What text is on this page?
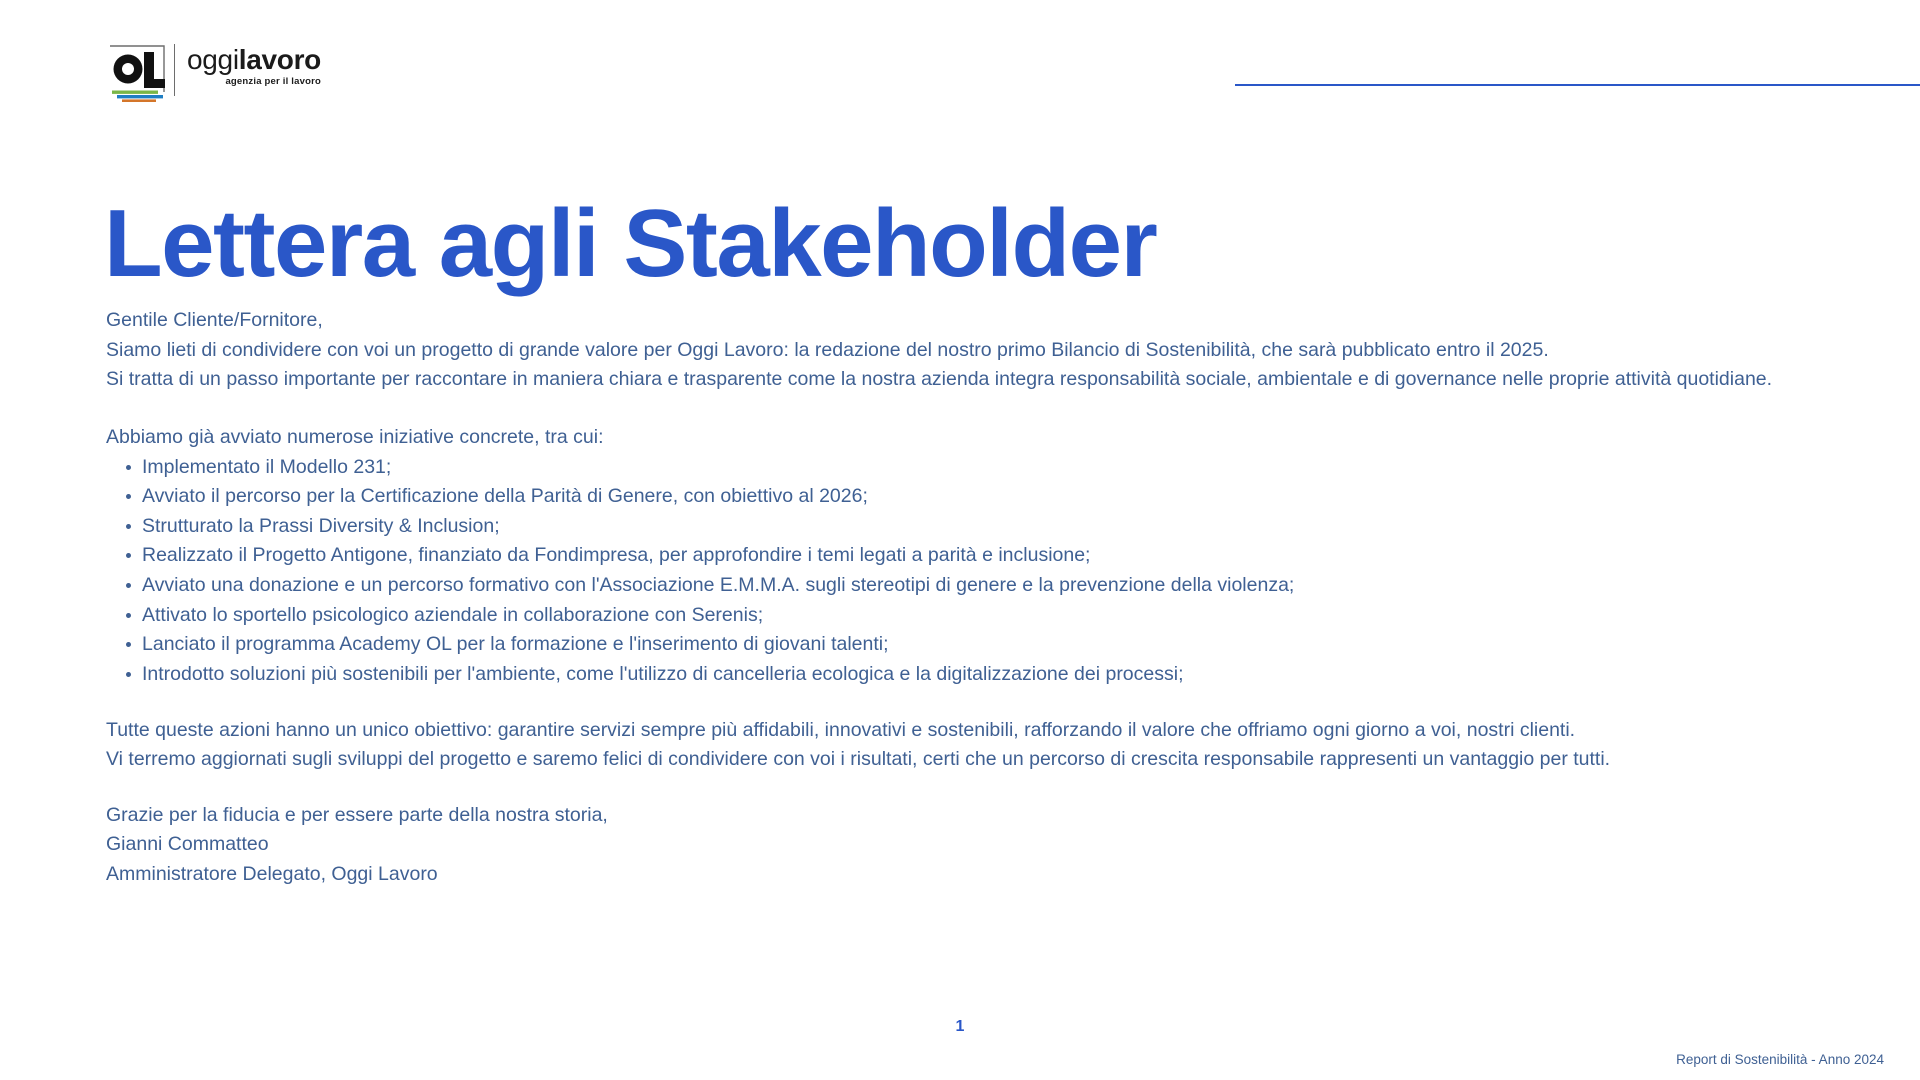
oggilavoro
agenzia per il lavoro
Lettera agli Stakeholder

Gentile Cliente/Fornitore,

Siamo lieti di condividere con voi un progetto di grande valore per Oggi Lavoro: la redazione del nostro primo Bilancio di Sostenibilità, che sarà pubblicato entro il 2025.

Si tratta di un passo importante per raccontare in maniera chiara e trasparente come la nostra azienda integra responsabilità sociale, ambientale e di governance nelle proprie attività quotidiane.

Abbiamo già avviato numerose iniziative concrete, tra cui:

Implementato il Modello 231;
Avviato il percorso per la Certificazione della Parità di Genere, con obiettivo al 2026;
Strutturato la Prassi Diversity & Inclusion;
Realizzato il Progetto Antigone, finanziato da Fondimpresa, per approfondire i temi legati a parità e inclusione;
Avviato una donazione e un percorso formativo con l'Associazione E.M.M.A. sugli stereotipi di genere e la prevenzione della violenza;
Attivato lo sportello psicologico aziendale in collaborazione con Serenis;
Lanciato il programma Academy OL per la formazione e l'inserimento di giovani talenti;
Introdotto soluzioni più sostenibili per l'ambiente, come l'utilizzo di cancelleria ecologica e la digitalizzazione dei processi;

Tutte queste azioni hanno un unico obiettivo: garantire servizi sempre più affidabili, innovativi e sostenibili, rafforzando il valore che offriamo ogni giorno a voi, nostri clienti.

Vi terremo aggiornati sugli sviluppi del progetto e saremo felici di condividere con voi i risultati, certi che un percorso di crescita responsabile rappresenti un vantaggio per tutti.

Grazie per la fiducia e per essere parte della nostra storia,

Gianni Commatteo

Amministratore Delegato, Oggi Lavoro

1
Report di Sostenibilità - Anno 2024
